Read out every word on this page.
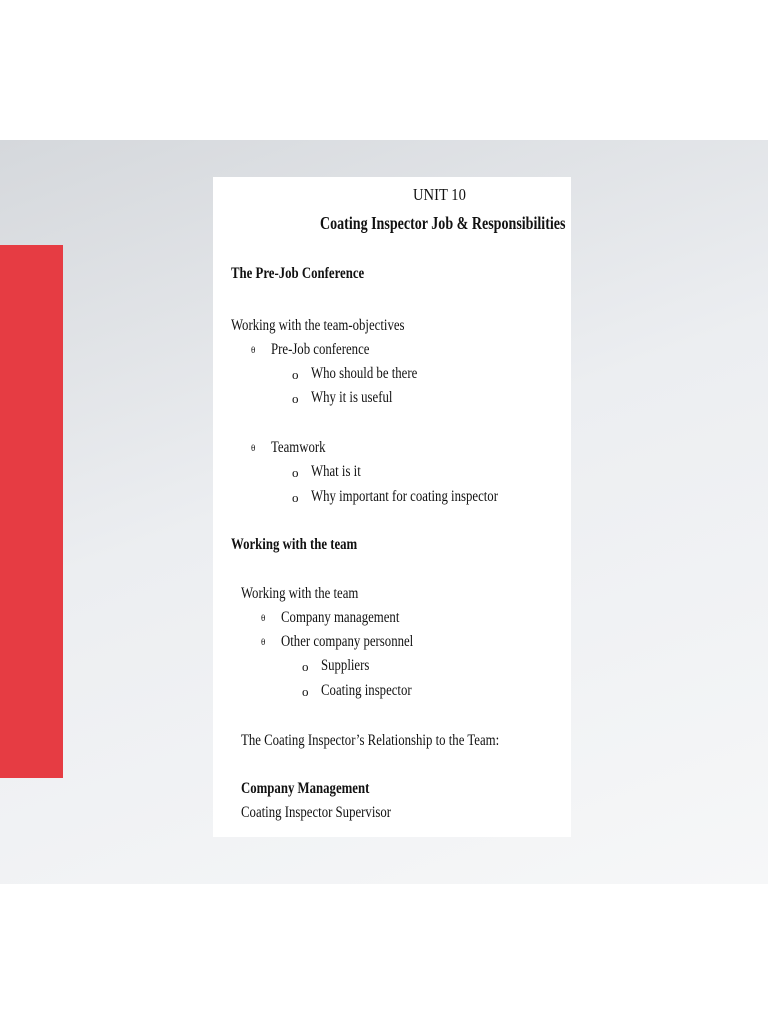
UNIT 10
Coating Inspector Job & Responsibilities
The Pre-Job Conference
Working with the team-objectives
θ Pre-Job conference
o Who should be there
o Why it is useful
θ Teamwork
o What is it
o Why important for coating inspector
Working with the team
Working with the team
θ Company management
θ Other company personnel
o Suppliers
o Coating inspector
The Coating Inspector’s Relationship to the Team:
Company Management
Coating Inspector Supervisor
